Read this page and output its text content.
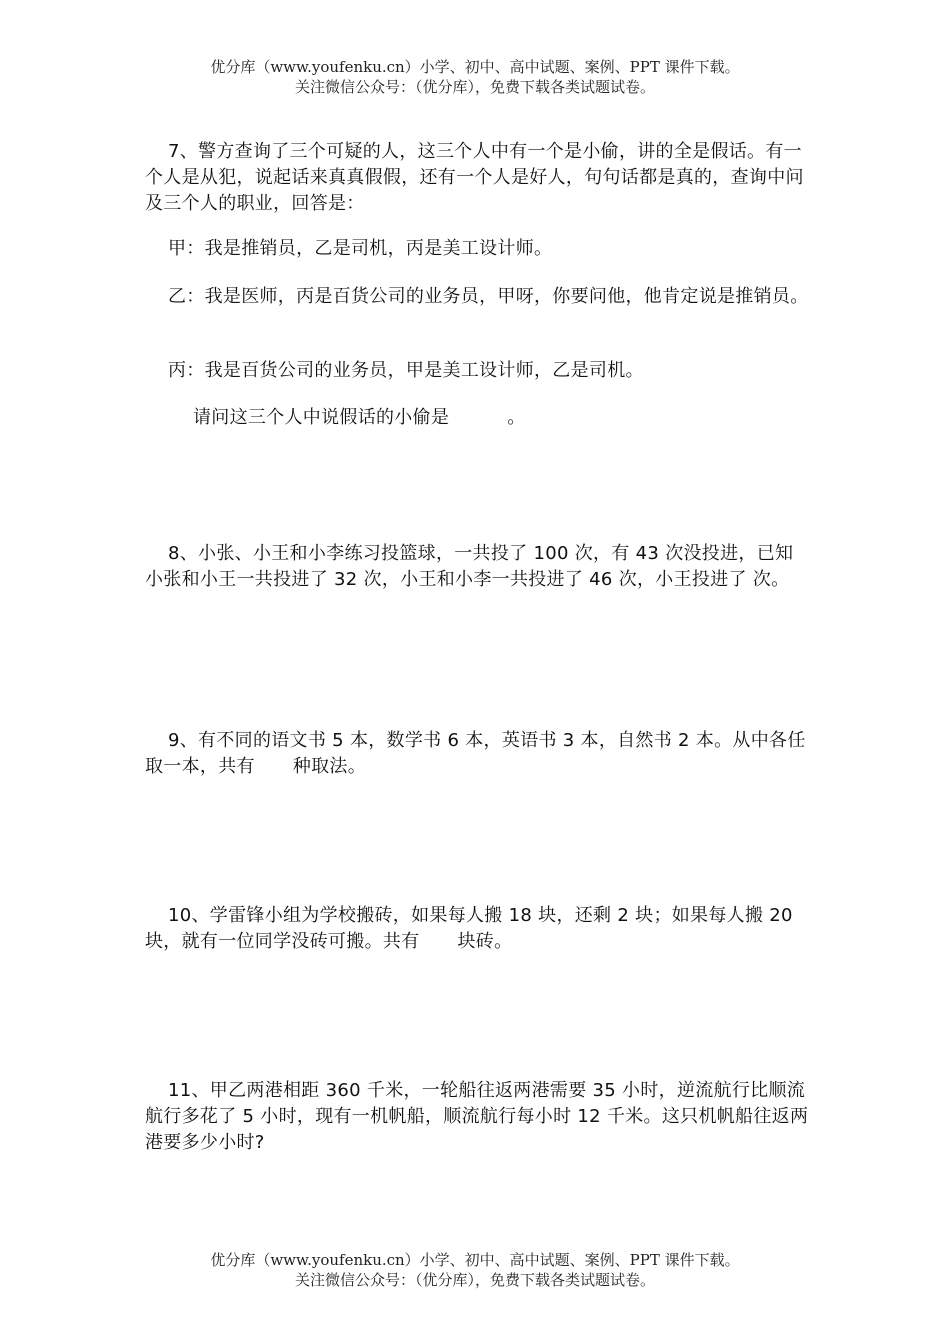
优分库（www.youfenku.cn）小学、初中、高中试题、案例、PPT 课件下载。
关注微信公众号：（优分库），免费下载各类试题试卷。

7、警方查询了三个可疑的人，这三个人中有一个是小偷，讲的全是假话。有一个人是从犯，说起话来真真假假，还有一个人是好人，句句话都是真的，查询中问及三个人的职业，回答是：

甲：我是推销员，乙是司机，丙是美工设计师。

乙：我是医师，丙是百货公司的业务员，甲呀，你要问他，他肯定说是推销员。

丙：我是百货公司的业务员，甲是美工设计师，乙是司机。

请问这三个人中说假话的小偷是	。

8、小张、小王和小李练习投篮球，一共投了 100 次，有 43 次没投进，已知小张和小王一共投进了 32 次，小王和小李一共投进了 46 次，小王投进了 次。

9、有不同的语文书 5 本，数学书 6 本，英语书 3 本，自然书 2 本。从中各任取一本，共有 种取法。

10、学雷锋小组为学校搬砖，如果每人搬 18 块，还剩 2 块；如果每人搬 20 块，就有一位同学没砖可搬。共有 块砖。

11、甲乙两港相距 360 千米，一轮船往返两港需要 35 小时，逆流航行比顺流航行多花了 5 小时，现有一机帆船，顺流航行每小时 12 千米。这只机帆船往返两港要多少小时?

优分库（www.youfenku.cn）小学、初中、高中试题、案例、PPT 课件下载。
关注微信公众号：（优分库），免费下载各类试题试卷。
